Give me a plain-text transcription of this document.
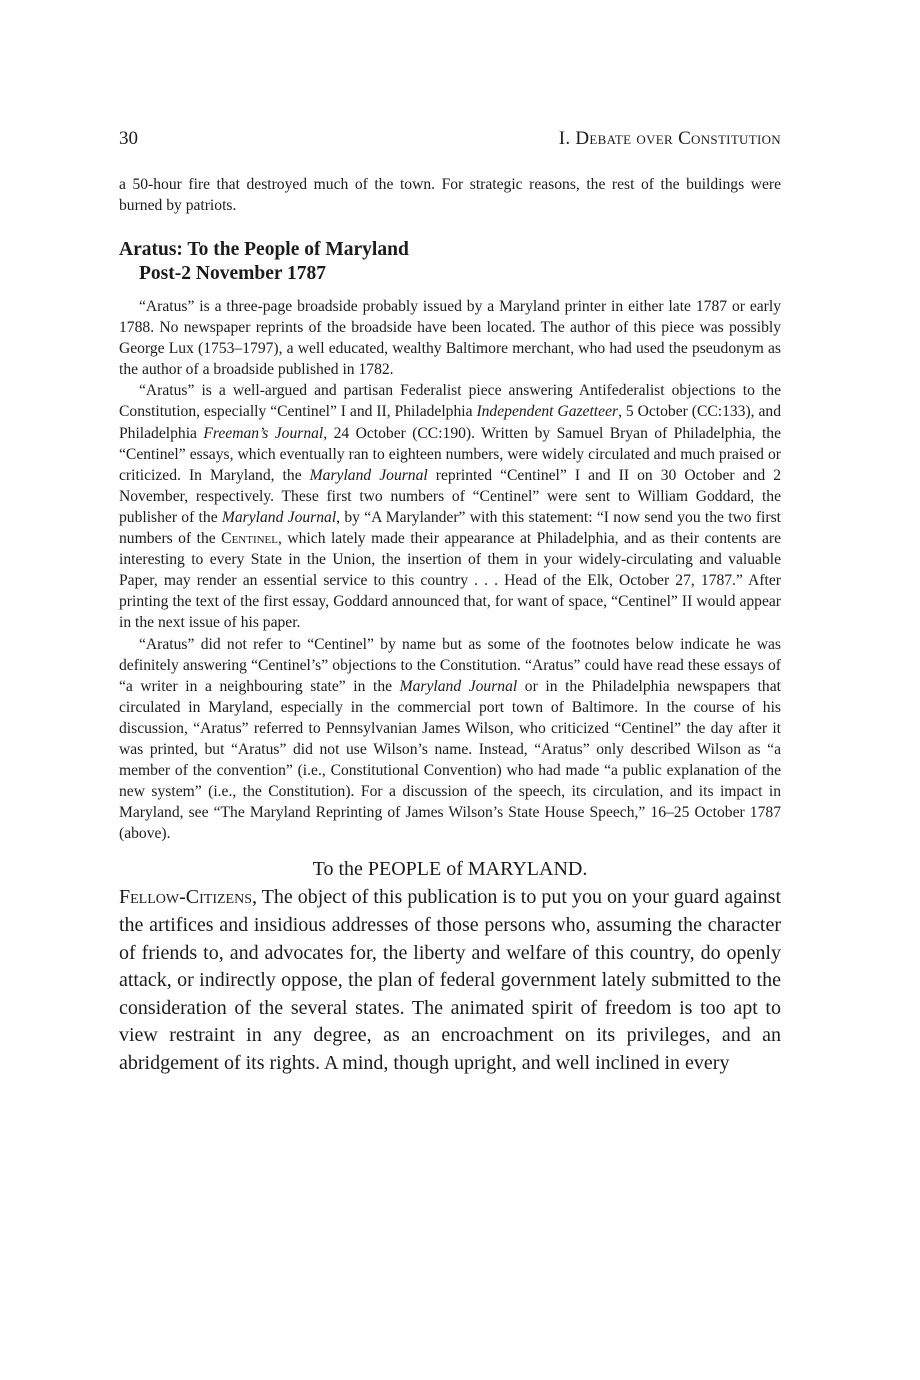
30	I. Debate over Constitution

a 50-hour fire that destroyed much of the town. For strategic reasons, the rest of the buildings were burned by patriots.

Aratus: To the People of Maryland
Post-2 November 1787

“Aratus” is a three-page broadside probably issued by a Maryland printer in either late 1787 or early 1788. No newspaper reprints of the broadside have been located. The author of this piece was possibly George Lux (1753–1797), a well educated, wealthy Baltimore merchant, who had used the pseudonym as the author of a broadside published in 1782.

“Aratus” is a well-argued and partisan Federalist piece answering Antifederalist objections to the Constitution, especially “Centinel” I and II, Philadelphia Independent Gazetteer, 5 October (CC:133), and Philadelphia Freeman’s Journal, 24 October (CC:190). Written by Samuel Bryan of Philadelphia, the “Centinel” essays, which eventually ran to eighteen numbers, were widely circulated and much praised or criticized. In Maryland, the Maryland Journal reprinted “Centinel” I and II on 30 October and 2 November, respectively. These first two numbers of “Centinel” were sent to William Goddard, the publisher of the Maryland Journal, by “A Marylander” with this statement: “I now send you the two first numbers of the Centinel, which lately made their appearance at Philadelphia, and as their contents are interesting to every State in the Union, the insertion of them in your widely-circulating and valuable Paper, may render an essential service to this country . . . Head of the Elk, October 27, 1787.” After printing the text of the first essay, Goddard announced that, for want of space, “Centinel” II would appear in the next issue of his paper.

“Aratus” did not refer to “Centinel” by name but as some of the footnotes below indicate he was definitely answering “Centinel’s” objections to the Constitution. “Aratus” could have read these essays of “a writer in a neighbouring state” in the Maryland Journal or in the Philadelphia newspapers that circulated in Maryland, especially in the commercial port town of Baltimore. In the course of his discussion, “Aratus” referred to Pennsylvanian James Wilson, who criticized “Centinel” the day after it was printed, but “Aratus” did not use Wilson’s name. Instead, “Aratus” only described Wilson as “a member of the convention” (i.e., Constitutional Convention) who had made “a public explanation of the new system” (i.e., the Constitution). For a discussion of the speech, its circulation, and its impact in Maryland, see “The Maryland Reprinting of James Wilson’s State House Speech,” 16–25 October 1787 (above).

To the PEOPLE of MARYLAND.

Fellow-Citizens, The object of this publication is to put you on your guard against the artifices and insidious addresses of those persons who, assuming the character of friends to, and advocates for, the liberty and welfare of this country, do openly attack, or indirectly oppose, the plan of federal government lately submitted to the consideration of the several states. The animated spirit of freedom is too apt to view restraint in any degree, as an encroachment on its privileges, and an abridgement of its rights. A mind, though upright, and well inclined in every
